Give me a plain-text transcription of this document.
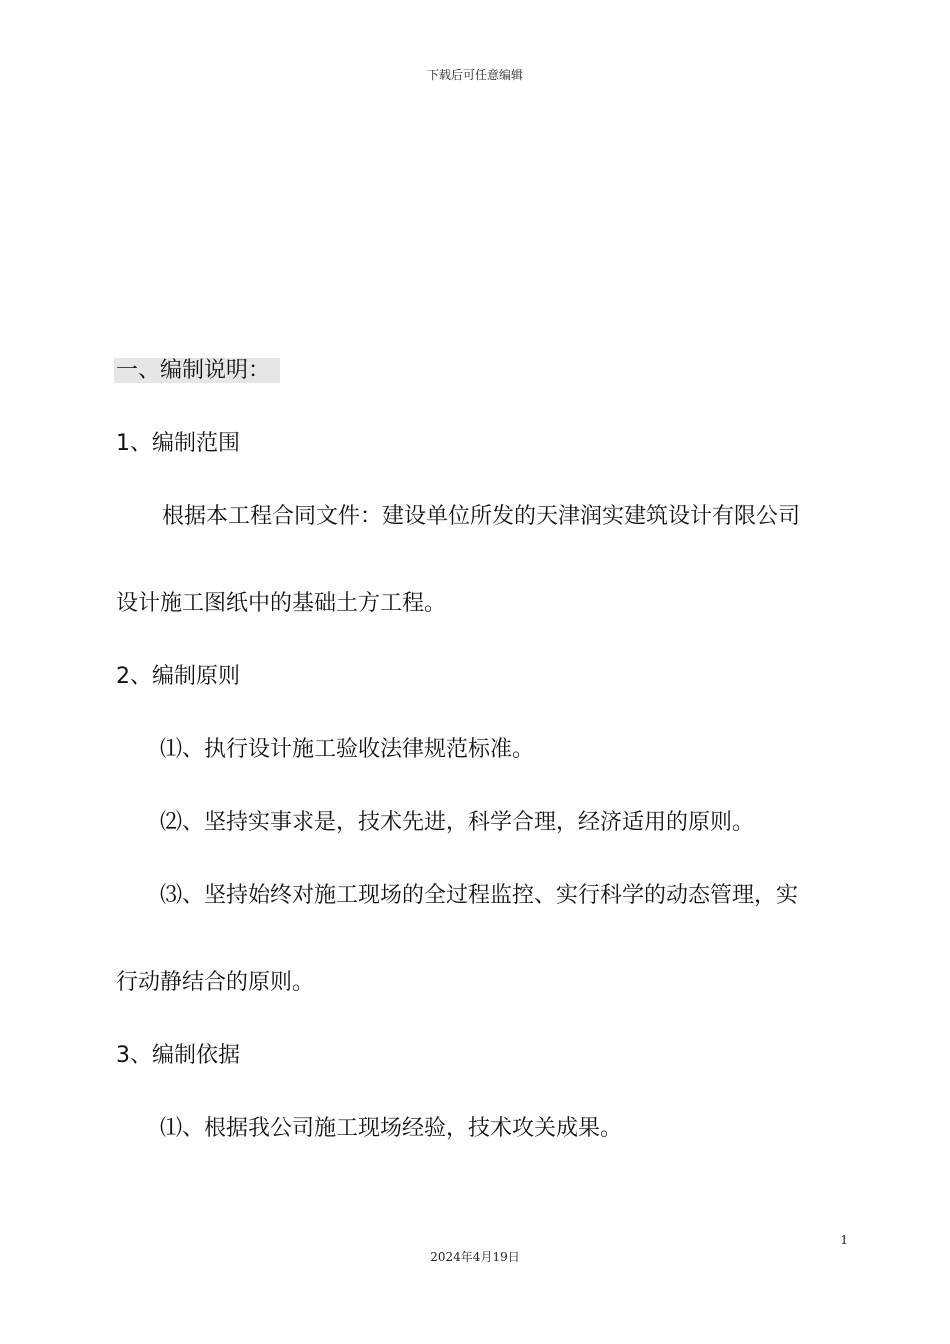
下载后可任意编辑
一、编制说明：
1、编制范围
根据本工程合同文件：建设单位所发的天津润实建筑设计有限公司
设计施工图纸中的基础土方工程。
2、编制原则
⑴、执行设计施工验收法律规范标准。
⑵、坚持实事求是，技术先进，科学合理，经济适用的原则。
⑶、坚持始终对施工现场的全过程监控、实行科学的动态管理，实
行动静结合的原则。
3、编制依据
⑴、根据我公司施工现场经验，技术攻关成果。
1
2024年4月19日
